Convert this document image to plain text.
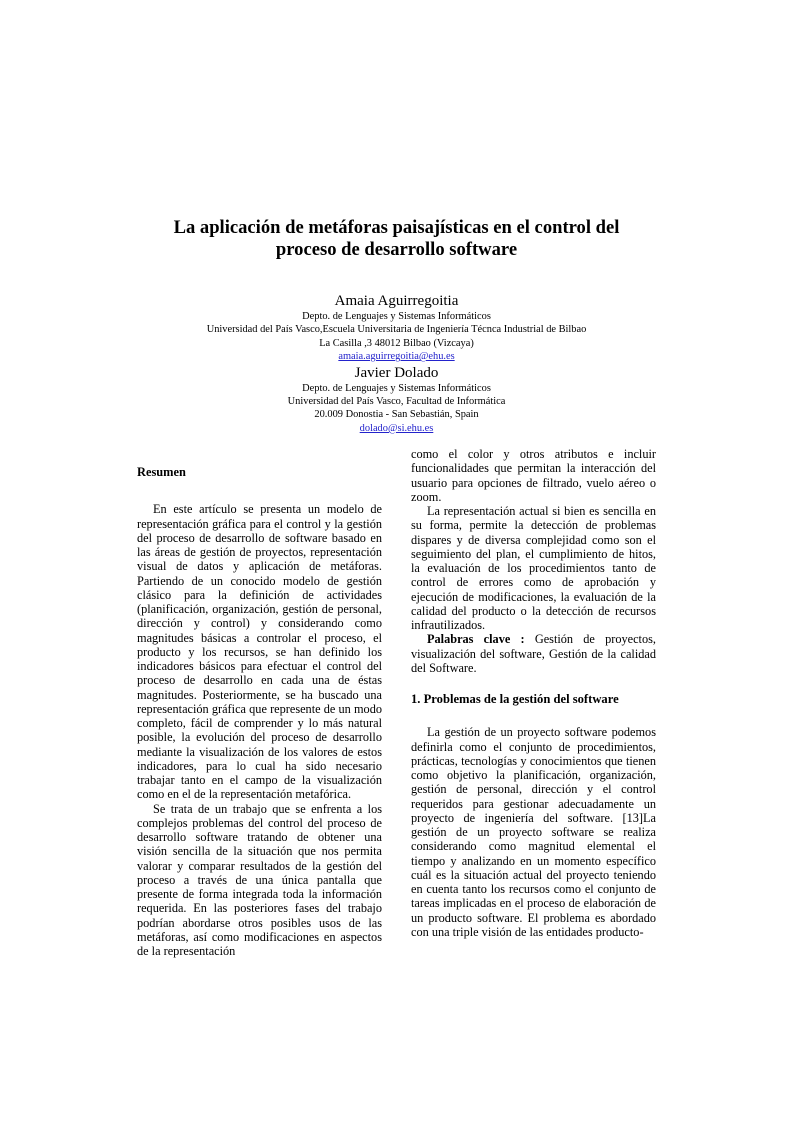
La aplicación de metáforas paisajísticas en el control del
proceso de desarrollo software
Amaia Aguirregoitia
Depto. de Lenguajes y Sistemas Informáticos
Universidad del País Vasco,Escuela Universitaria de Ingeniería Técnca Industrial de Bilbao
La Casilla ,3 48012 Bilbao (Vizcaya)
amaia.aguirregoitia@ehu.es
Javier Dolado
Depto. de Lenguajes y Sistemas Informáticos
Universidad del País Vasco, Facultad de Informática
20.009 Donostia - San Sebastián, Spain
dolado@si.ehu.es

Resumen

En este artículo se presenta un modelo de representación gráfica para el control y la gestión del proceso de desarrollo de software basado en las áreas de gestión de proyectos, representación visual de datos y aplicación de metáforas. Partiendo de un conocido modelo de gestión clásico para la definición de actividades (planificación, organización, gestión de personal, dirección y control) y considerando como magnitudes básicas a controlar el proceso, el producto y los recursos, se han definido los indicadores básicos para efectuar el control del proceso de desarrollo en cada una de éstas magnitudes. Posteriormente, se ha buscado una representación gráfica que represente de un modo completo, fácil de comprender y lo más natural posible, la evolución del proceso de desarrollo mediante la visualización de los valores de estos indicadores, para lo cual ha sido necesario trabajar tanto en el campo de la visualización como en el de la representación metafórica.

Se trata de un trabajo que se enfrenta a los complejos problemas del control del proceso de desarrollo software tratando de obtener una visión sencilla de la situación que nos permita valorar y comparar resultados de la gestión del proceso a través de una única pantalla que presente de forma integrada toda la información requerida. En las posteriores fases del trabajo podrían abordarse otros posibles usos de las metáforas, así como modificaciones en aspectos de la representación

como el color y otros atributos e incluir funcionalidades que permitan la interacción del usuario para opciones de filtrado, vuelo aéreo o zoom.

La representación actual si bien es sencilla en su forma, permite la detección de problemas dispares y de diversa complejidad como son el seguimiento del plan, el cumplimiento de hitos, la evaluación de los procedimientos tanto de control de errores como de aprobación y ejecución de modificaciones, la evaluación de la calidad del producto o la detección de recursos infrautilizados.

Palabras clave : Gestión de proyectos, visualización del software, Gestión de la calidad del Software.

1. Problemas de la gestión del software

La gestión de un proyecto software podemos definirla como el conjunto de procedimientos, prácticas, tecnologías y conocimientos que tienen como objetivo la planificación, organización, gestión de personal, dirección y el control requeridos para gestionar adecuadamente un proyecto de ingeniería del software. [13]La gestión de un proyecto software se realiza considerando como magnitud elemental el tiempo y analizando en un momento específico cuál es la situación actual del proyecto teniendo en cuenta tanto los recursos como el conjunto de tareas implicadas en el proceso de elaboración de un producto software. El problema es abordado con una triple visión de las entidades producto-
